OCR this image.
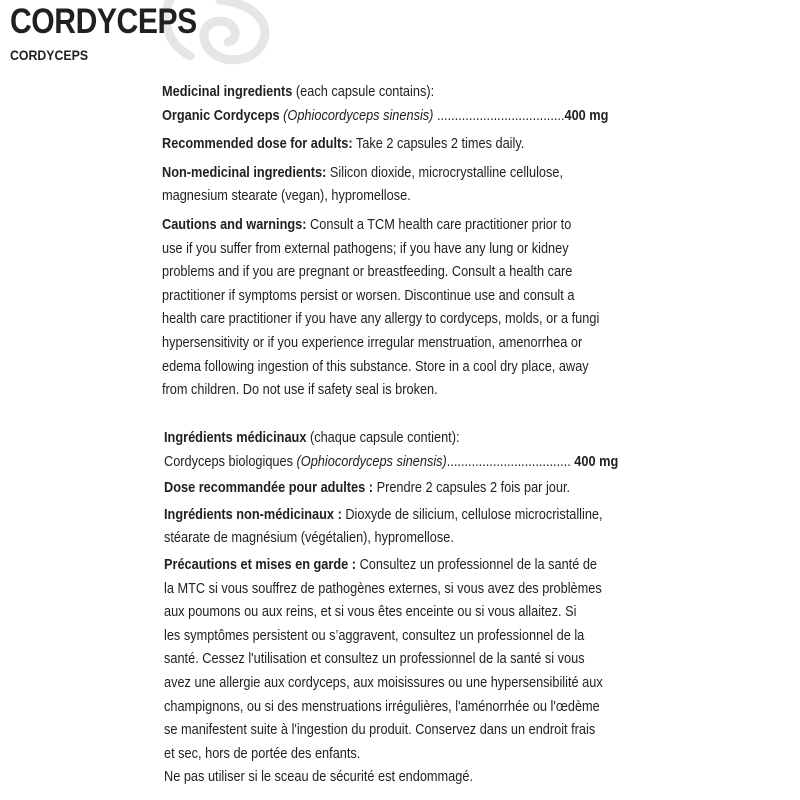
CORDYCEPS
CORDYCEPS
Medicinal ingredients (each capsule contains):
Organic Cordyceps (Ophiocordyceps sinensis) ....................................400 mg
Recommended dose for adults: Take 2 capsules 2 times daily.
Non-medicinal ingredients: Silicon dioxide, microcrystalline cellulose,
magnesium stearate (vegan), hypromellose.
Cautions and warnings: Consult a TCM health care practitioner prior to
use if you suffer from external pathogens; if you have any lung or kidney
problems and if you are pregnant or breastfeeding. Consult a health care
practitioner if symptoms persist or worsen. Discontinue use and consult a
health care practitioner if you have any allergy to cordyceps, molds, or a fungi
hypersensitivity or if you experience irregular menstruation, amenorrhea or
edema following ingestion of this substance. Store in a cool dry place, away
from children. Do not use if safety seal is broken.
Ingrédients médicinaux (chaque capsule contient):
Cordyceps biologiques (Ophiocordyceps sinensis)................................... 400 mg
Dose recommandée pour adultes : Prendre 2 capsules 2 fois par jour.
Ingrédients non-médicinaux : Dioxyde de silicium, cellulose microcristalline,
stéarate de magnésium (végétalien), hypromellose.
Précautions et mises en garde : Consultez un professionnel de la santé de
la MTC si vous souffrez de pathogènes externes, si vous avez des problèmes
aux poumons ou aux reins, et si vous êtes enceinte ou si vous allaitez. Si
les symptômes persistent ou s’aggravent, consultez un professionnel de la
santé. Cessez l'utilisation et consultez un professionnel de la santé si vous
avez une allergie aux cordyceps, aux moisissures ou une hypersensibilité aux
champignons, ou si des menstruations irrégulières, l'aménorrhée ou l'œdème
se manifestent suite à l'ingestion du produit. Conservez dans un endroit frais
et sec, hors de portée des enfants.
Ne pas utiliser si le sceau de sécurité est endommagé.
